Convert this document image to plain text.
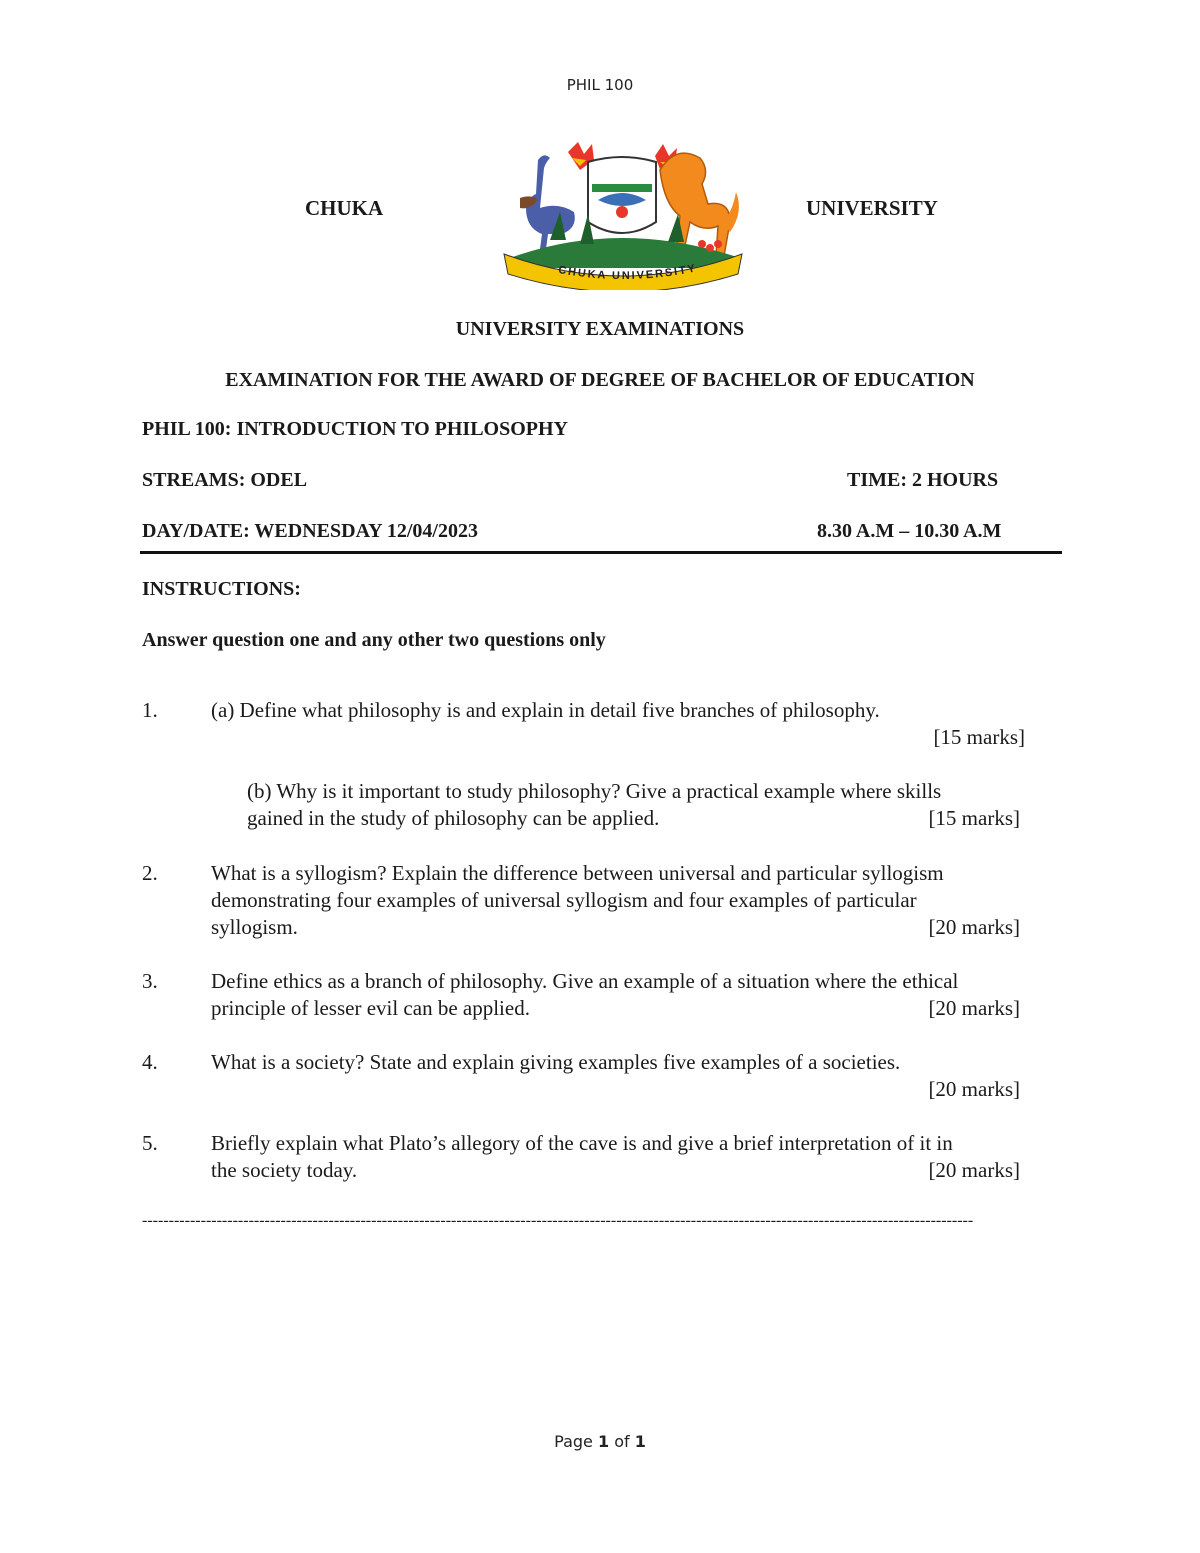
PHIL 100
CHUKA	UNIVERSITY
CHUKA UNIVERSITY
UNIVERSITY EXAMINATIONS
EXAMINATION FOR THE AWARD OF DEGREE OF BACHELOR OF EDUCATION
PHIL 100: INTRODUCTION TO PHILOSOPHY
STREAMS: ODEL	TIME: 2 HOURS
DAY/DATE: WEDNESDAY 12/04/2023	8.30 A.M – 10.30 A.M
INSTRUCTIONS:
Answer question one and any other two questions only
1.	(a) Define what philosophy is and explain in detail five branches of philosophy.
[15 marks]
(b) Why is it important to study philosophy? Give a practical example where skills
gained in the study of philosophy can be applied.	[15 marks]
2.	What is a syllogism? Explain the difference between universal and particular syllogism
demonstrating four examples of universal syllogism and four examples of particular
syllogism.	[20 marks]
3.	Define ethics as a branch of philosophy. Give an example of a situation where the ethical
principle of lesser evil can be applied.	[20 marks]
4.	What is a society? State and explain giving examples five examples of a societies.
[20 marks]
5.	Briefly explain what Plato’s allegory of the cave is and give a brief interpretation of it in
the society today.	[20 marks]
------------------------------------------------------------------------------------------------------------------------------------------------------------
Page 1 of 1
